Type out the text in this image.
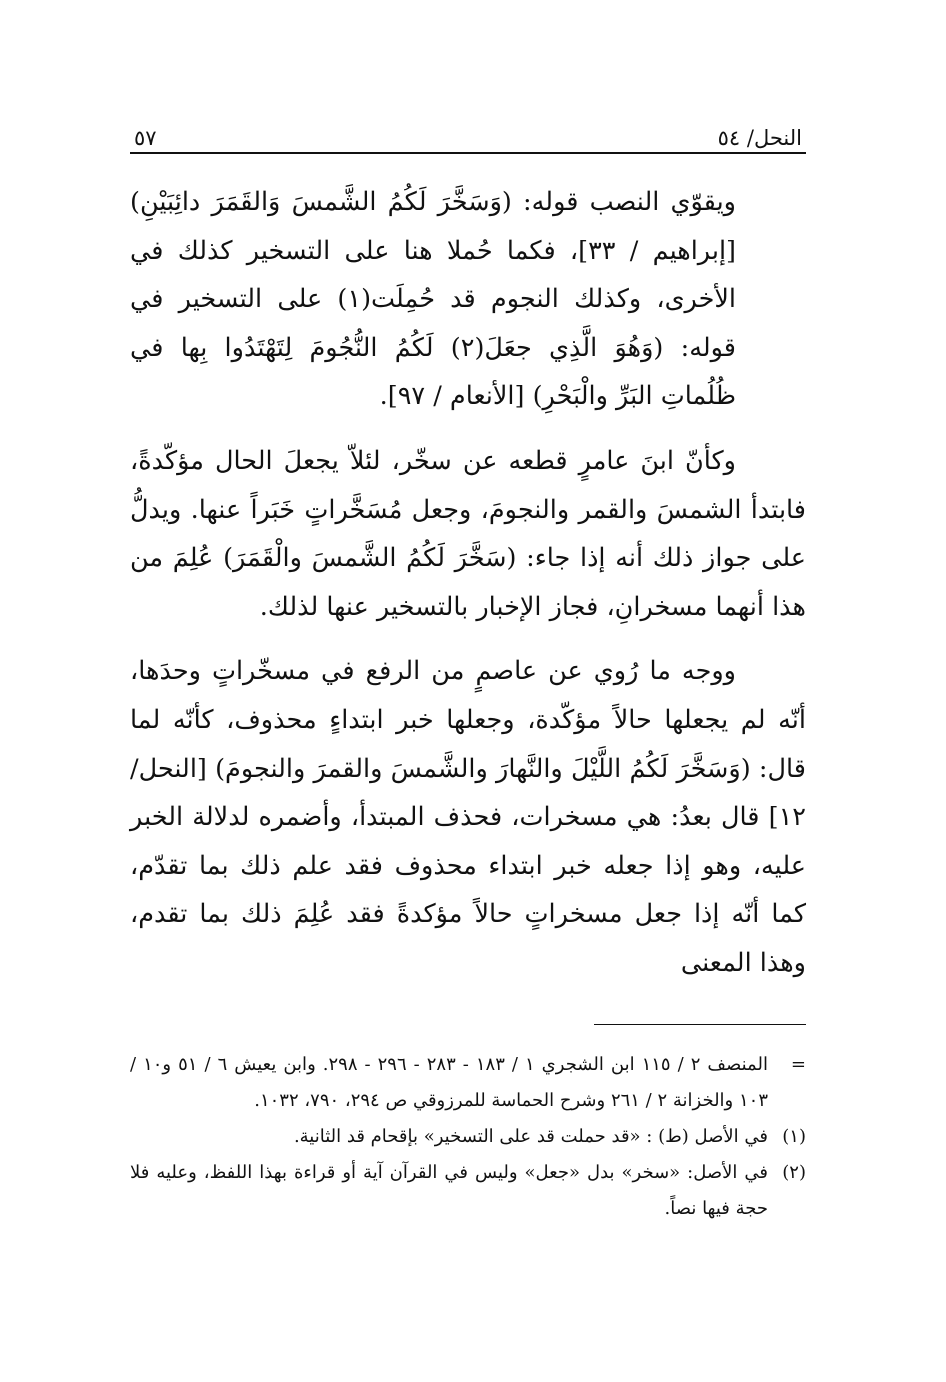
النحل/ ٥٤
٥٧

ويقوّي النصب قوله: (وَسَخَّرَ لَكُمُ الشَّمسَ وَالقَمَرَ دائِبَيْنِ) [إبراهيم / ٣٣]، فكما حُملا هنا على التسخير كذلك في الأخرى، وكذلك النجوم قد حُمِلَت(١) على التسخير في قوله: (وَهُوَ الَّذِي جعَلَ(٢) لَكُمُ النُّجُومَ لِتَهْتَدُوا بِها في ظُلُماتِ البَرِّ والْبَحْرِ) [الأنعام / ٩٧].

وكأنّ ابنَ عامرٍ قطعه عن سخّر، لئلاّ يجعلَ الحال مؤكّدةً، فابتدأ الشمسَ والقمر والنجومَ، وجعل مُسَخَّراتٍ خَبَراً عنها. ويدلُّ على جواز ذلك أنه إذا جاء: (سَخَّرَ لَكُمُ الشَّمسَ والْقَمَرَ) عُلِمَ من هذا أنهما مسخرانِ، فجاز الإخبار بالتسخير عنها لذلك.

ووجه ما رُوي عن عاصمٍ من الرفع في مسخّراتٍ وحدَها، أنّه لم يجعلها حالاً مؤكّدة، وجعلها خبر ابتداءٍ محذوف، كأنّه لما قال: (وَسَخَّرَ لَكُمُ اللَّيْلَ والنَّهارَ والشَّمسَ والقمرَ والنجومَ) [النحل/ ١٢] قال بعدُ: هي مسخرات، فحذف المبتدأ، وأضمره لدلالة الخبر عليه، وهو إذا جعله خبر ابتداء محذوف فقد علم ذلك بما تقدّم، كما أنّه إذا جعل مسخراتٍ حالاً مؤكدةً فقد عُلِمَ ذلك بما تقدم، وهذا المعنى

=
المنصف ٢ / ١١٥ ابن الشجري ١ / ١٨٣ - ٢٨٣ - ٢٩٦ - ٢٩٨. وابن يعيش ٦ / ٥١ و١٠ / ١٠٣ والخزانة ٢ / ٢٦١ وشرح الحماسة للمرزوقي ص ٢٩٤، ٧٩٠، ١٠٣٢.
(١)
في الأصل (ط) : «قد حملت قد على التسخير» بإقحام قد الثانية.
(٢)
في الأصل: «سخر» بدل «جعل» وليس في القرآن آية أو قراءة بهذا اللفظ، وعليه فلا حجة فيها نصاً.
